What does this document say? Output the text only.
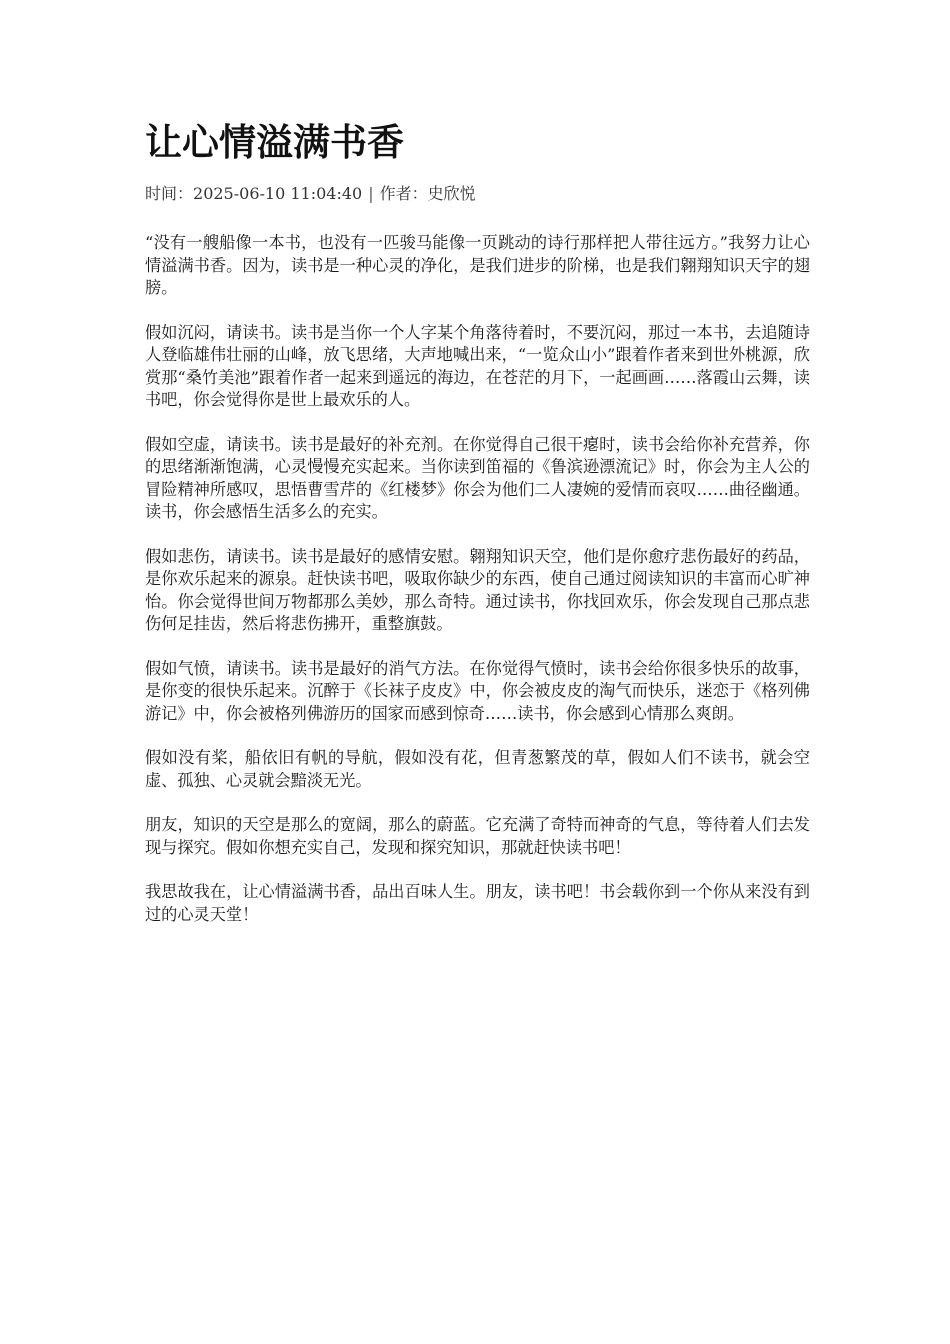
让心情溢满书香
时间：2025-06-10 11:04:40 | 作者：史欣悦

“没有一艘船像一本书，也没有一匹骏马能像一页跳动的诗行那样把人带往远方。”我努力让心情溢满书香。因为，读书是一种心灵的净化，是我们进步的阶梯，也是我们翱翔知识天宇的翅膀。

假如沉闷，请读书。读书是当你一个人字某个角落待着时，不要沉闷，那过一本书，去追随诗人登临雄伟壮丽的山峰，放飞思绪，大声地喊出来，“一览众山小”跟着作者来到世外桃源，欣赏那“桑竹美池”跟着作者一起来到遥远的海边，在苍茫的月下，一起画画……落霞山云舞，读书吧，你会觉得你是世上最欢乐的人。

假如空虚，请读书。读书是最好的补充剂。在你觉得自己很干瘪时，读书会给你补充营养，你的思绪渐渐饱满，心灵慢慢充实起来。当你读到笛福的《鲁滨逊漂流记》时，你会为主人公的冒险精神所感叹，思悟曹雪芹的《红楼梦》你会为他们二人凄婉的爱情而哀叹……曲径幽通。读书，你会感悟生活多么的充实。

假如悲伤，请读书。读书是最好的感情安慰。翱翔知识天空，他们是你愈疗悲伤最好的药品，是你欢乐起来的源泉。赶快读书吧，吸取你缺少的东西，使自己通过阅读知识的丰富而心旷神怡。你会觉得世间万物都那么美妙，那么奇特。通过读书，你找回欢乐，你会发现自己那点悲伤何足挂齿，然后将悲伤拂开，重整旗鼓。

假如气愤，请读书。读书是最好的消气方法。在你觉得气愤时，读书会给你很多快乐的故事，是你变的很快乐起来。沉醉于《长袜子皮皮》中，你会被皮皮的淘气而快乐，迷恋于《格列佛游记》中，你会被格列佛游历的国家而感到惊奇……读书，你会感到心情那么爽朗。

假如没有桨，船依旧有帆的导航，假如没有花，但青葱繁茂的草，假如人们不读书，就会空虚、孤独、心灵就会黯淡无光。

朋友，知识的天空是那么的宽阔，那么的蔚蓝。它充满了奇特而神奇的气息，等待着人们去发现与探究。假如你想充实自己，发现和探究知识，那就赶快读书吧！

我思故我在，让心情溢满书香，品出百味人生。朋友，读书吧！书会载你到一个你从来没有到过的心灵天堂！
